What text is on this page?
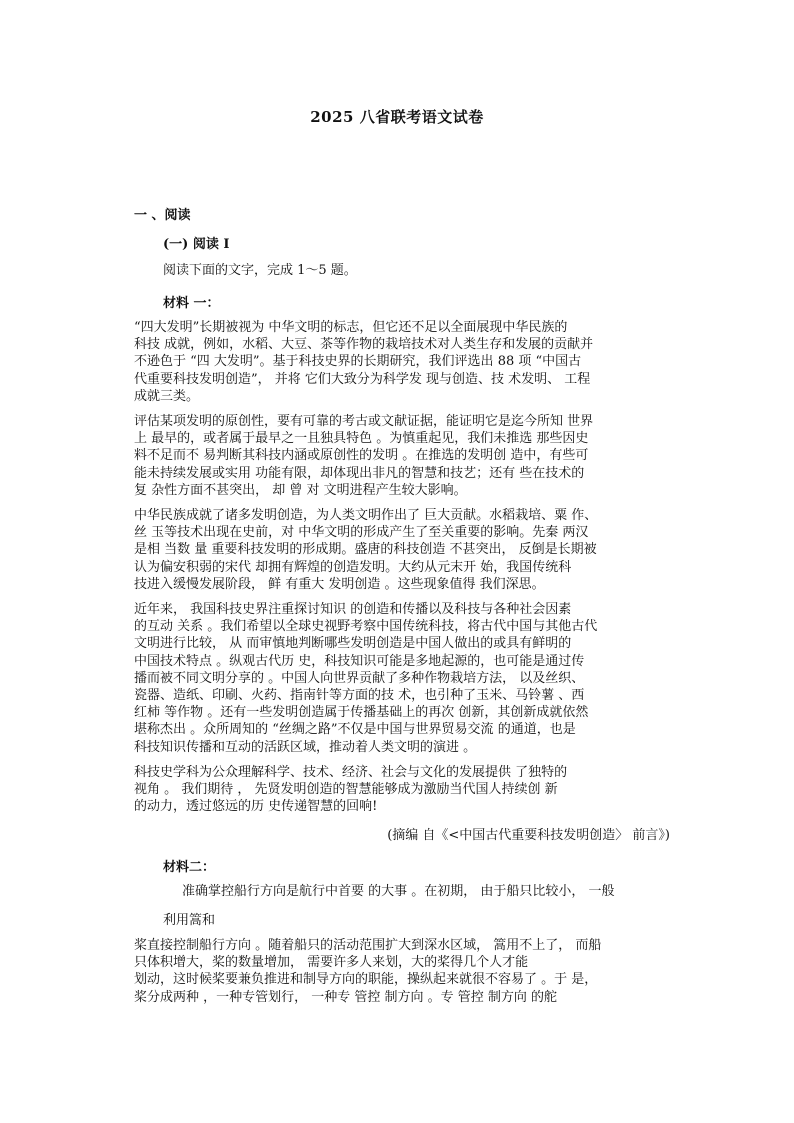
2025 八省联考语文试卷
一 、阅读
(一) 阅读 I
阅读下面的文字，完成 1～5 题。
材料 一：
“四大发明”长期被视为 中华文明的标志，但它还不足以全面展现中华民族的
科技 成就，例如，水稻、大豆、茶等作物的栽培技术对人类生存和发展的贡献并
不逊色于 “四 大发明”。基于科技史界的长期研究，我们评选出 88 项 “中国古
代重要科技发明创造”， 并将 它们大致分为科学发 现与创造、技 术发明、 工程
成就三类。
评估某项发明的原创性，要有可靠的考古或文献证据，能证明它是迄今所知 世界
上 最早的，或者属于最早之一且独具特色 。为慎重起见，我们未推选 那些因史
料不足而不 易判断其科技内涵或原创性的发明 。在推选的发明创 造中，有些可
能未持续发展或实用 功能有限，却体现出非凡的智慧和技艺；还有 些在技术的
复 杂性方面不甚突出， 却 曾 对 文明进程产生较大影响。
中华民族成就了诸多发明创造，为人类文明作出了 巨大贡献。水稻栽培、粟 作、
丝 玉等技术出现在史前，对 中华文明的形成产生了至关重要的影响。先秦 两汉
是相 当数 量 重要科技发明的形成期。盛唐的科技创造 不甚突出， 反倒是长期被
认为偏安积弱的宋代 却拥有辉煌的创造发明。大约从元末开 始，我国传统科
技进入缓慢发展阶段， 鲜 有重大 发明创造 。这些现象值得 我们深思。
近年来， 我国科技史界注重探讨知识 的创造和传播以及科技与各种社会因素
的互动 关系 。我们希望以全球史视野考察中国传统科技，将古代中国与其他古代
文明进行比较， 从 而审慎地判断哪些发明创造是中国人做出的或具有鲜明的
中国技术特点 。纵观古代历 史，科技知识可能是多地起源的，也可能是通过传
播而被不同文明分享的 。中国人向世界贡献了多种作物栽培方法， 以及丝织、
瓷器、造纸、印刷、火药、指南针等方面的技 术，也引种了玉米、马铃薯 、西
红柿 等作物 。还有一些发明创造属于传播基础上的再次 创新，其创新成就依然
堪称杰出 。众所周知的 “丝绸之路”不仅是中国与世界贸易交流 的通道，也是
科技知识传播和互动的活跃区域，推动着人类文明的演进 。
科技史学科为公众理解科学、技术、经济、社会与文化的发展提供 了独特的
视角 。 我们期待 ， 先贤发明创造的智慧能够成为激励当代国人持续创 新
的动力，透过悠远的历 史传递智慧的回响!
(摘编 自《<中国古代重要科技发明创造〉 前言》)
材料二：
准确掌控船行方向是航行中首要 的大事 。在初期， 由于船只比较小， 一般
利用篙和
桨直接控制船行方向 。随着船只的活动范围扩大到深水区域， 篙用不上了， 而船
只体积增大，桨的数量增加， 需要许多人来划，大的桨得几个人才能
划动，这时候桨要兼负推进和制导方向的职能，操纵起来就很不容易了 。于 是，
桨分成两种 ，一种专管划行， 一种专 管控 制方向 。专 管控 制方向 的舵
